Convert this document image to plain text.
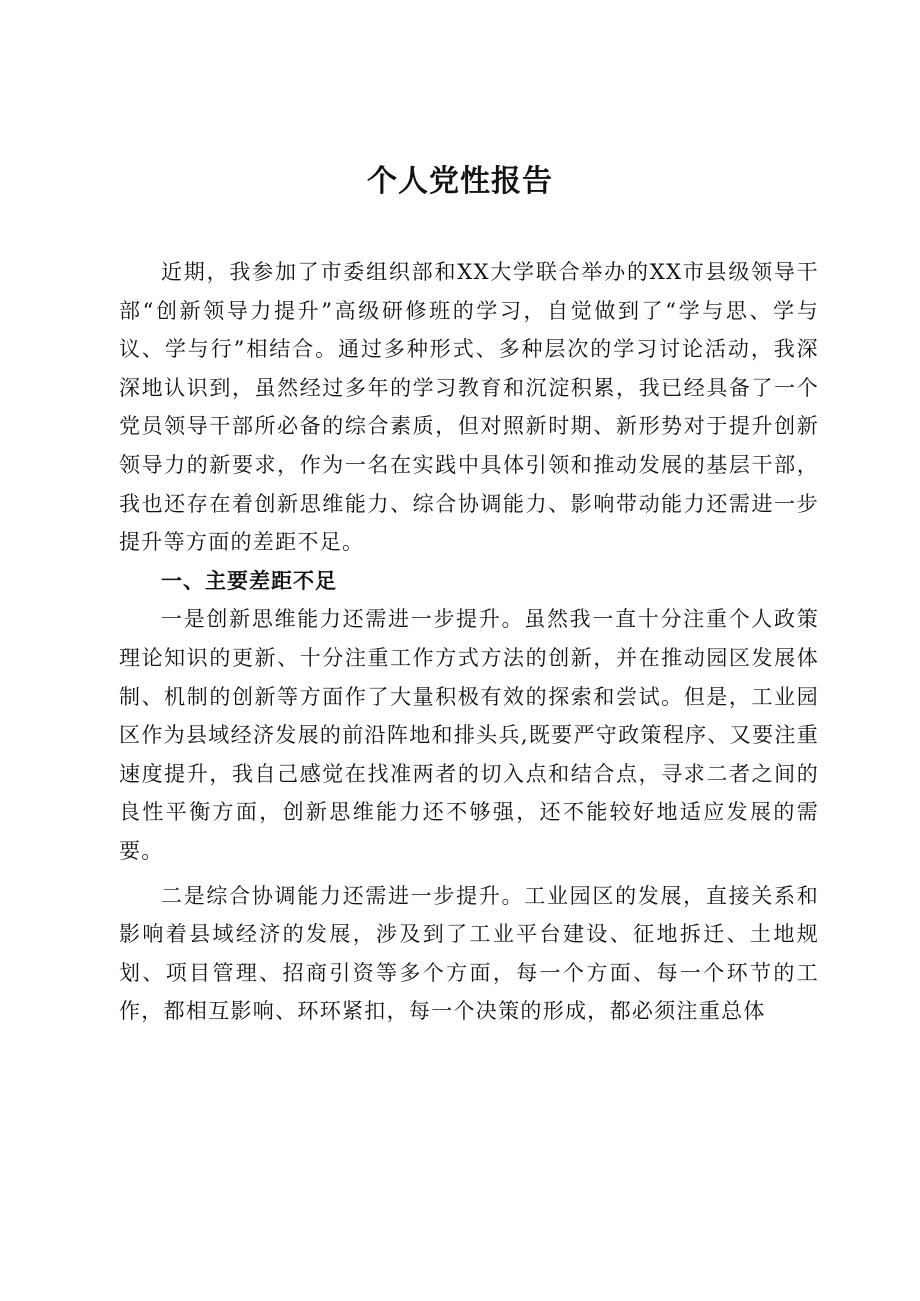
个人党性报告

近期，我参加了市委组织部和XX大学联合举办的XX市县级领导干部“创新领导力提升”高级研修班的学习，自觉做到了“学与思、学与议、学与行”相结合。通过多种形式、多种层次的学习讨论活动，我深深地认识到，虽然经过多年的学习教育和沉淀积累，我已经具备了一个党员领导干部所必备的综合素质，但对照新时期、新形势对于提升创新领导力的新要求，作为一名在实践中具体引领和推动发展的基层干部，我也还存在着创新思维能力、综合协调能力、影响带动能力还需进一步提升等方面的差距不足。

一、主要差距不足

一是创新思维能力还需进一步提升。虽然我一直十分注重个人政策理论知识的更新、十分注重工作方式方法的创新，并在推动园区发展体制、机制的创新等方面作了大量积极有效的探索和尝试。但是，工业园区作为县域经济发展的前沿阵地和排头兵,既要严守政策程序、又要注重速度提升，我自己感觉在找准两者的切入点和结合点，寻求二者之间的良性平衡方面，创新思维能力还不够强，还不能较好地适应发展的需要。

二是综合协调能力还需进一步提升。工业园区的发展，直接关系和影响着县域经济的发展，涉及到了工业平台建设、征地拆迁、土地规划、项目管理、招商引资等多个方面，每一个方面、每一个环节的工作，都相互影响、环环紧扣，每一个决策的形成，都必须注重总体
